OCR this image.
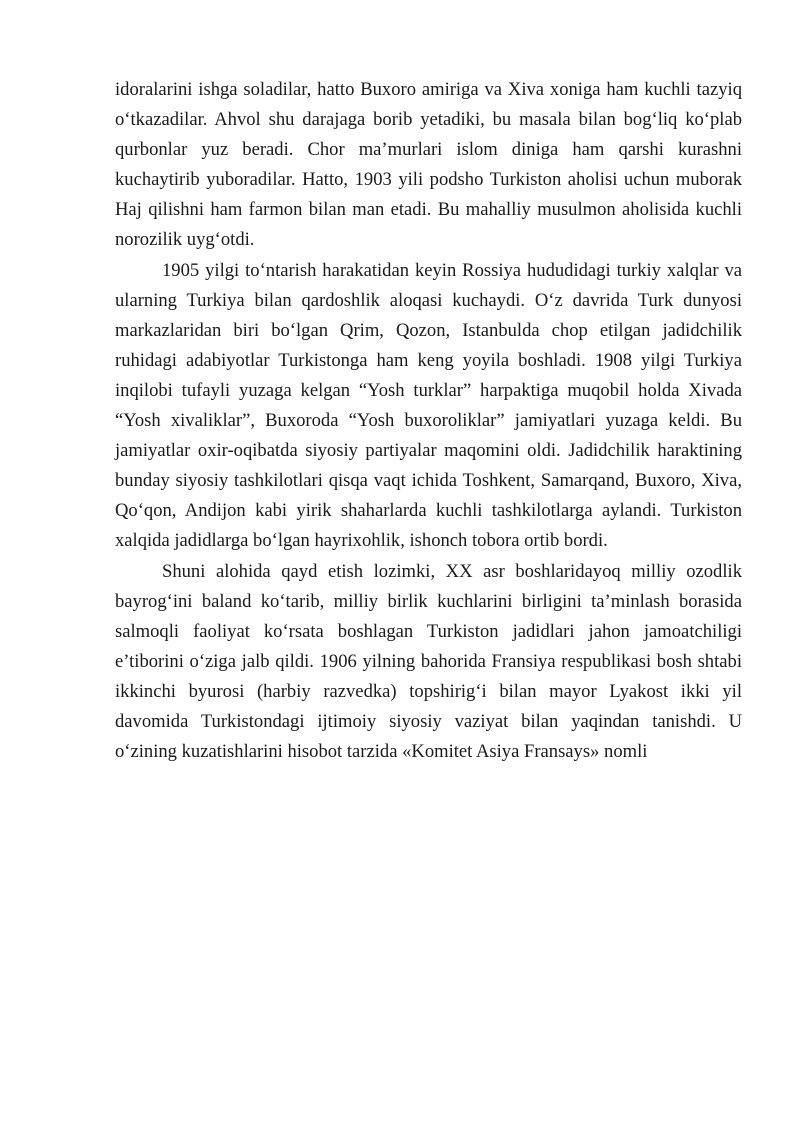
idoralarini ishga soladilar, hatto Buxoro amiriga va Xiva xoniga ham kuchli tazyiq o‘tkazadilar. Ahvol shu darajaga borib yetadiki, bu masala bilan bog‘liq ko‘plab qurbonlar yuz beradi. Chor ma’murlari islom diniga ham qarshi kurashni kuchaytirib yuboradilar. Hatto, 1903 yili podsho Turkiston aholisi uchun muborak Haj qilishni ham farmon bilan man etadi. Bu mahalliy musulmon aholisida kuchli norozilik uyg‘otdi.

1905 yilgi to‘ntarish harakatidan keyin Rossiya hududidagi turkiy xalqlar va ularning Turkiya bilan qardoshlik aloqasi kuchaydi. O‘z davrida Turk dunyosi markazlaridan biri bo‘lgan Qrim, Qozon, Istanbulda chop etilgan jadidchilik ruhidagi adabiyotlar Turkistonga ham keng yoyila boshladi. 1908 yilgi Turkiya inqilobi tufayli yuzaga kelgan “Yosh turklar” harpaktiga muqobil holda Xivada “Yosh xivaliklar”, Buxoroda “Yosh buxoroliklar” jamiyatlari yuzaga keldi. Bu jamiyatlar oxir-oqibatda siyosiy partiyalar maqomini oldi. Jadidchilik haraktining bunday siyosiy tashkilotlari qisqa vaqt ichida Toshkent, Samarqand, Buxoro, Xiva, Qo‘qon, Andijon kabi yirik shaharlarda kuchli tashkilotlarga aylandi. Turkiston xalqida jadidlarga bo‘lgan hayrixohlik, ishonch tobora ortib bordi.

Shuni alohida qayd etish lozimki, XX asr boshlaridayoq milliy ozodlik bayrog‘ini baland ko‘tarib, milliy birlik kuchlarini birligini ta’minlash borasida salmoqli faoliyat ko‘rsata boshlagan Turkiston jadidlari jahon jamoatchiligi e’tiborini o‘ziga jalb qildi. 1906 yilning bahorida Fransiya respublikasi bosh shtabi ikkinchi byurosi (harbiy razvedka) topshirig‘i bilan mayor Lyakost ikki yil davomida Turkistondagi ijtimoiy siyosiy vaziyat bilan yaqindan tanishdi. U o‘zining kuzatishlarini hisobot tarzida «Komitet Asiya Fransays» nomli
